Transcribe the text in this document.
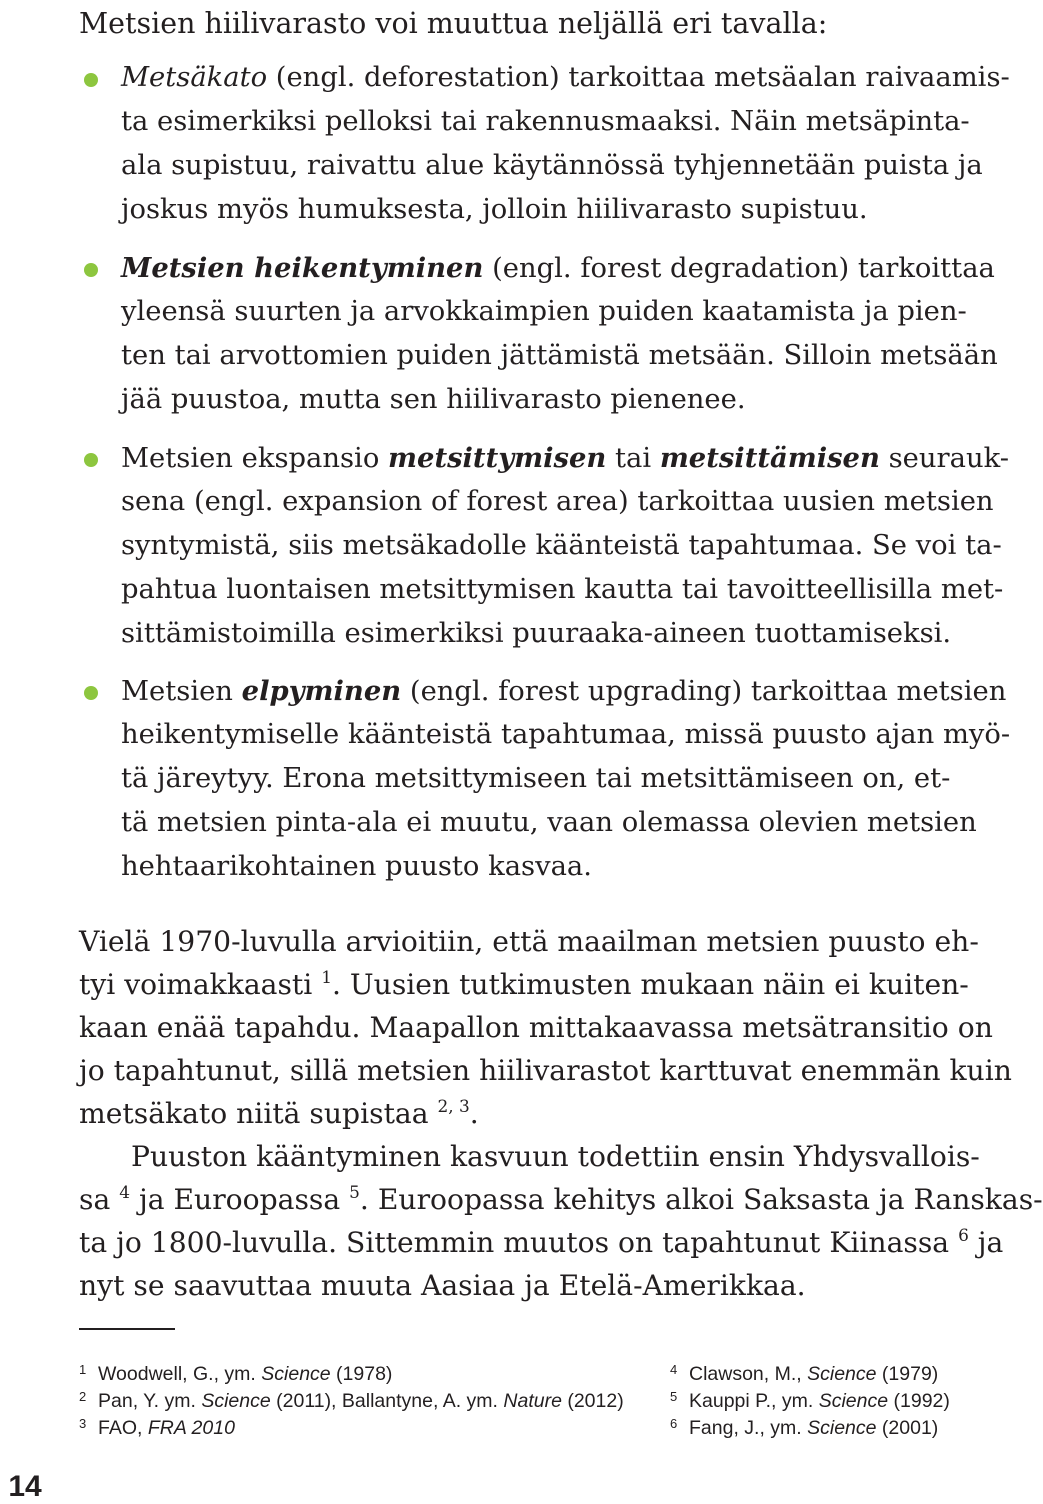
Metsien hiilivarasto voi muuttua neljällä eri tavalla:
Metsäkato (engl. deforestation) tarkoittaa metsäalan raivaamis-
ta esimerkiksi pelloksi tai rakennusmaaksi. Näin metsäpinta-
ala supistuu, raivattu alue käytännössä tyhjennetään puista ja
joskus myös humuksesta, jolloin hiilivarasto supistuu.
Metsien heikentyminen (engl. forest degradation) tarkoittaa
yleensä suurten ja arvokkaimpien puiden kaatamista ja pien-
ten tai arvottomien puiden jättämistä metsään. Silloin metsään
jää puustoa, mutta sen hiilivarasto pienenee.
Metsien ekspansio metsittymisen tai metsittämisen seurauk-
sena (engl. expansion of forest area) tarkoittaa uusien metsien
syntymistä, siis metsäkadolle käänteistä tapahtumaa. Se voi ta-
pahtua luontaisen metsittymisen kautta tai tavoitteellisilla met-
sittämistoimilla esimerkiksi puuraaka-aineen tuottamiseksi.
Metsien elpyminen (engl. forest upgrading) tarkoittaa metsien
heikentymiselle käänteistä tapahtumaa, missä puusto ajan myö-
tä järeytyy. Erona metsittymiseen tai metsittämiseen on, et-
tä metsien pinta-ala ei muutu, vaan olemassa olevien metsien
hehtaarikohtainen puusto kasvaa.
Vielä 1970-luvulla arvioitiin, että maailman metsien puusto eh-
tyi voimakkaasti $^1$. Uusien tutkimusten mukaan näin ei kuiten-
kaan enää tapahdu. Maapallon mittakaavassa metsätransitio on
jo tapahtunut, sillä metsien hiilivarastot karttuvat enemmän kuin
metsäkato niitä supistaa $^{2, 3}$.
Puuston kääntyminen kasvuun todettiin ensin Yhdysvallois-
sa $^4$ ja Euroopassa $^5$. Euroopassa kehitys alkoi Saksasta ja Ranskas-
ta jo 1800-luvulla. Sittemmin muutos on tapahtunut Kiinassa $^6$ ja
nyt se saavuttaa muuta Aasiaa ja Etelä-Amerikkaa.
1 Woodwell, G., ym. Science (1978)
2 Pan, Y. ym. Science (2011), Ballantyne, A. ym. Nature (2012)
3 FAO, FRA 2010
4 Clawson, M., Science (1979)
5 Kauppi P., ym. Science (1992)
6 Fang, J., ym. Science (2001)
14
